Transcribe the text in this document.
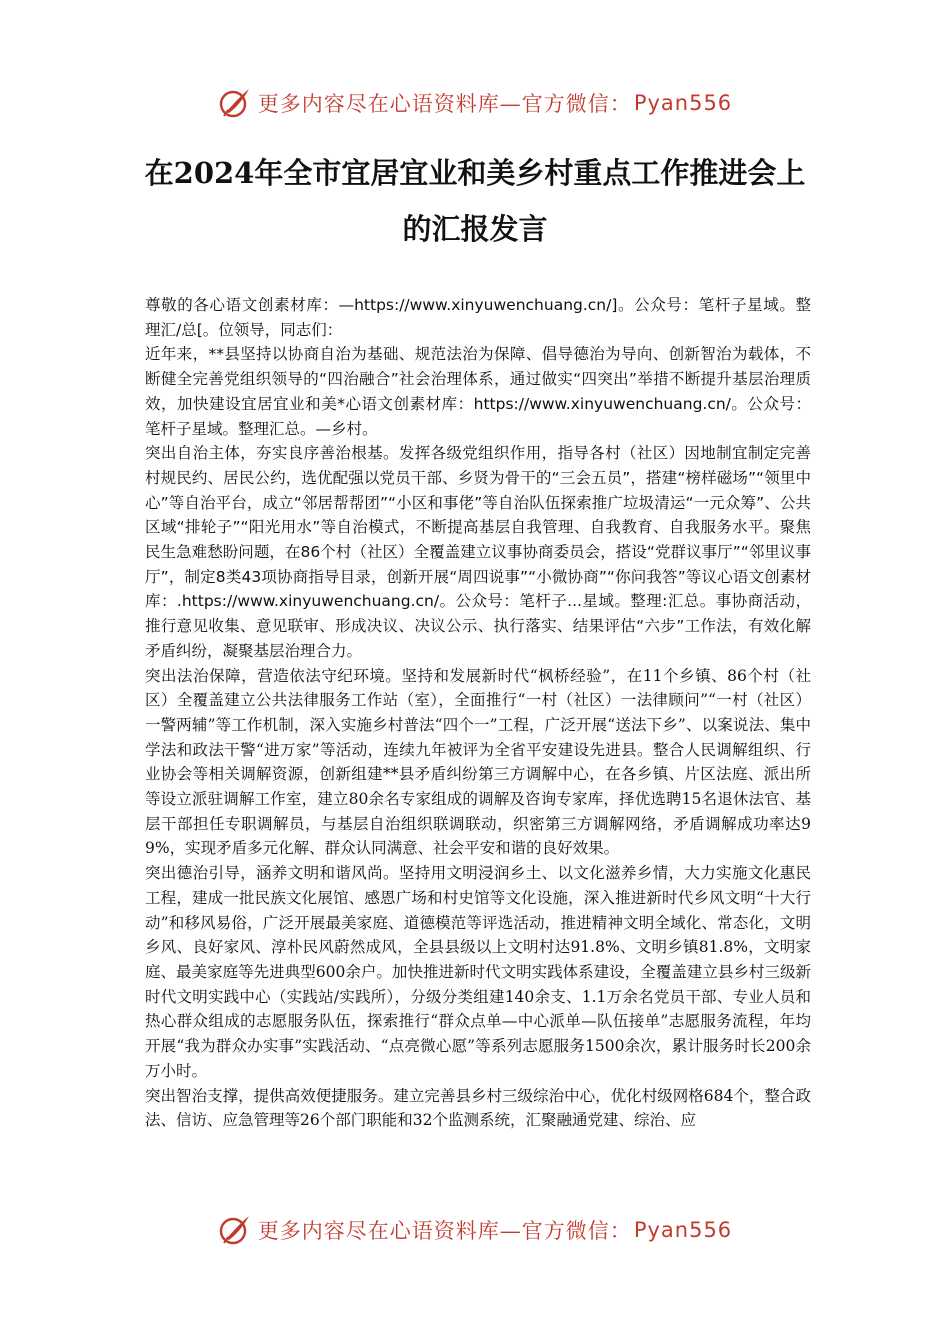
更多内容尽在心语资料库—官方微信： Pyan556
在2024年全市宜居宜业和美乡村重点工作推进会上
的汇报发言

尊敬的各心语文创素材库：—https://www.xinyuwenchuang.cn/]。公众号：笔杆子星域。整理汇/总[。位领导，同志们：

近年来，**县坚持以协商自治为基础、规范法治为保障、倡导德治为导向、创新智治为载体，不断健全完善党组织领导的“四治融合”社会治理体系，通过做实“四突出”举措不断提升基层治理质效，加快建设宜居宜业和美*心语文创素材库：https://www.xinyuwenchuang.cn/。公众号：笔杆子星域。整理汇总。—乡村。

突出自治主体，夯实良序善治根基。发挥各级党组织作用，指导各村（社区）因地制宜制定完善村规民约、居民公约，选优配强以党员干部、乡贤为骨干的“三会五员”，搭建“榜样磁场”“领里中心”等自治平台，成立“邻居帮帮团”“小区和事佬”等自治队伍探索推广垃圾清运“一元众筹”、公共区域“排轮子”“阳光用水”等自治模式，不断提高基层自我管理、自我教育、自我服务水平。聚焦民生急难愁盼问题，在86个村（社区）全覆盖建立议事协商委员会，搭设“党群议事厅”“邻里议事厅”，制定8类43项协商指导目录，创新开展“周四说事”“小微协商”“你问我答”等议心语文创素材库：.https://www.xinyuwenchuang.cn/。公众号：笔杆子...星域。整理:汇总。事协商活动，推行意见收集、意见联审、形成决议、决议公示、执行落实、结果评估“六步”工作法，有效化解矛盾纠纷，凝聚基层治理合力。

突出法治保障，营造依法守纪环境。坚持和发展新时代“枫桥经验”，在11个乡镇、86个村（社区）全覆盖建立公共法律服务工作站（室），全面推行“一村（社区）一法律顾问”“一村（社区）一警两辅”等工作机制，深入实施乡村普法“四个一”工程，广泛开展“送法下乡”、以案说法、集中学法和政法干警“进万家”等活动，连续九年被评为全省平安建设先进县。整合人民调解组织、行业协会等相关调解资源，创新组建**县矛盾纠纷第三方调解中心，在各乡镇、片区法庭、派出所等设立派驻调解工作室，建立80余名专家组成的调解及咨询专家库，择优选聘15名退休法官、基层干部担任专职调解员，与基层自治组织联调联动，织密第三方调解网络，矛盾调解成功率达99%，实现矛盾多元化解、群众认同满意、社会平安和谐的良好效果。

突出德治引导，涵养文明和谐风尚。坚持用文明浸润乡土、以文化滋养乡情，大力实施文化惠民工程，建成一批民族文化展馆、感恩广场和村史馆等文化设施，深入推进新时代乡风文明“十大行动”和移风易俗，广泛开展最美家庭、道德模范等评选活动，推进精神文明全域化、常态化，文明乡风、良好家风、淳朴民风蔚然成风，全县县级以上文明村达91.8%、文明乡镇81.8%，文明家庭、最美家庭等先进典型600余户。加快推进新时代文明实践体系建设，全覆盖建立县乡村三级新时代文明实践中心（实践站/实践所），分级分类组建140余支、1.1万余名党员干部、专业人员和热心群众组成的志愿服务队伍，探索推行“群众点单—中心派单—队伍接单”志愿服务流程，年均开展“我为群众办实事”实践活动、“点亮微心愿”等系列志愿服务1500余次，累计服务时长200余万小时。

突出智治支撑，提供高效便捷服务。建立完善县乡村三级综治中心，优化村级网格684个，整合政法、信访、应急管理等26个部门职能和32个监测系统，汇聚融通党建、综治、应

更多内容尽在心语资料库—官方微信： Pyan556
